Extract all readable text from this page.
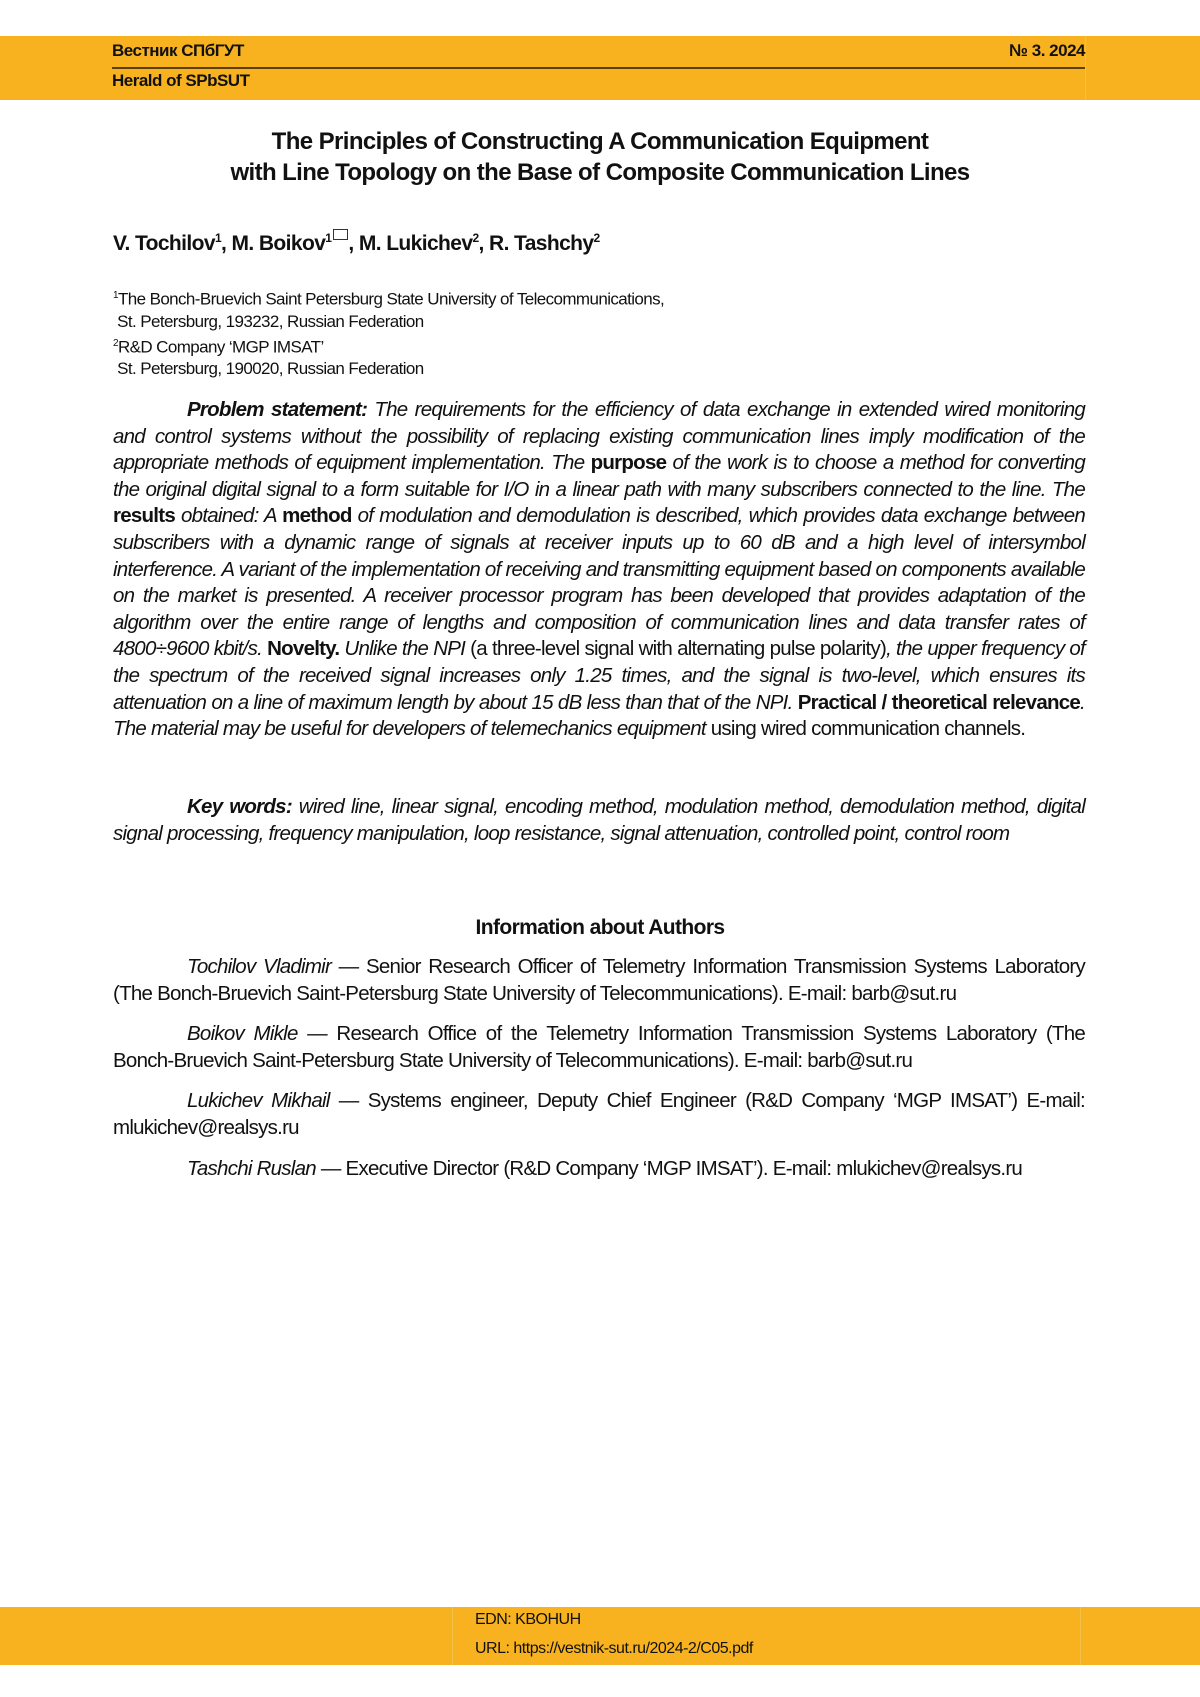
Вестник СПбГУТ	№ 3. 2024
Herald of SPbSUT
The Principles of Constructing A Communication Equipment
with Line Topology on the Base of Composite Communication Lines
V. Tochilov1, M. Boikov1 , M. Lukichev2, R. Tashchy2
1The Bonch-Bruevich Saint Petersburg State University of Telecommunications,
St. Petersburg, 193232, Russian Federation
2R&D Company ‘MGP IMSAT’
St. Petersburg, 190020, Russian Federation

Problem statement: The requirements for the efficiency of data exchange in extended wired monitoring and control systems without the possibility of replacing existing communication lines imply modification of the appropriate methods of equipment implementation. The purpose of the work is to choose a method for converting the original digital signal to a form suitable for I/O in a linear path with many subscribers connected to the line. The results obtained: A method of modulation and demodulation is described, which provides data exchange between subscribers with a dynamic range of signals at receiver inputs up to 60 dB and a high level of intersymbol interference. A variant of the implementation of receiving and transmitting equipment based on components available on the market is presented. A receiver processor program has been developed that provides adaptation of the algorithm over the entire range of lengths and composition of communication lines and data transfer rates of 4800÷9600 kbit/s. Novelty. Unlike the NPI (a three-level signal with alternating pulse polarity), the upper frequency of the spectrum of the received signal increases only 1.25 times, and the signal is two-level, which ensures its attenuation on a line of maximum length by about 15 dB less than that of the NPI. Practical / theoretical relevance. The material may be useful for developers of telemechanics equipment using wired communication channels.

Key words: wired line, linear signal, encoding method, modulation method, demodulation method, digital signal processing, frequency manipulation, loop resistance, signal attenuation, controlled point, control room

Information about Authors

Tochilov Vladimir — Senior Research Officer of Telemetry Information Transmission Systems Laboratory (The Bonch-Bruevich Saint-Petersburg State University of Telecommunications). E-mail: barb@sut.ru

Boikov Mikle — Research Office of the Telemetry Information Transmission Systems Laboratory (The Bonch-Bruevich Saint-Petersburg State University of Telecommunications). E-mail: barb@sut.ru

Lukichev Mikhail — Systems engineer, Deputy Chief Engineer (R&D Company ‘MGP IMSAT’) E-mail: mlukichev@realsys.ru

Tashchi Ruslan — Executive Director (R&D Company ‘MGP IMSAT’). E-mail: mlukichev@realsys.ru

EDN: KBOHUH
URL: https://vestnik-sut.ru/2024-2/C05.pdf
